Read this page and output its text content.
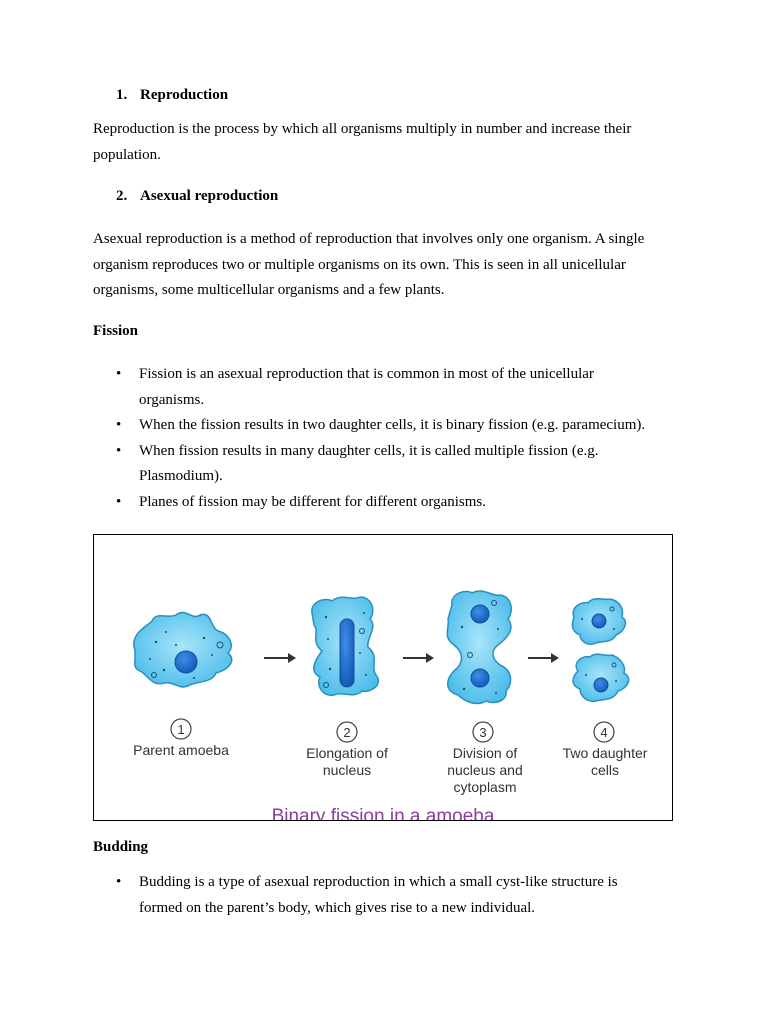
1. Reproduction

Reproduction is the process by which all organisms multiply in number and increase their population.

2. Asexual reproduction

Asexual reproduction is a method of reproduction that involves only one organism. A single organism reproduces two or multiple organisms on its own. This is seen in all unicellular organisms, some multicellular organisms and a few plants.

Fission
• Fission is an asexual reproduction that is common in most of the unicellular organisms.
• When the fission results in two daughter cells, it is binary fission (e.g. paramecium).
• When fission results in many daughter cells, it is called multiple fission (e.g. Plasmodium).
• Planes of fission may be different for different organisms.
1	2	3	4
Parent amoeba	Elongation of
nucleus
Division of
nucleus and
cytoplasm
Two daughter
cells
Binary fission in a amoeba
Budding
• Budding is a type of asexual reproduction in which a small cyst-like structure is formed on the parent’s body, which gives rise to a new individual.
